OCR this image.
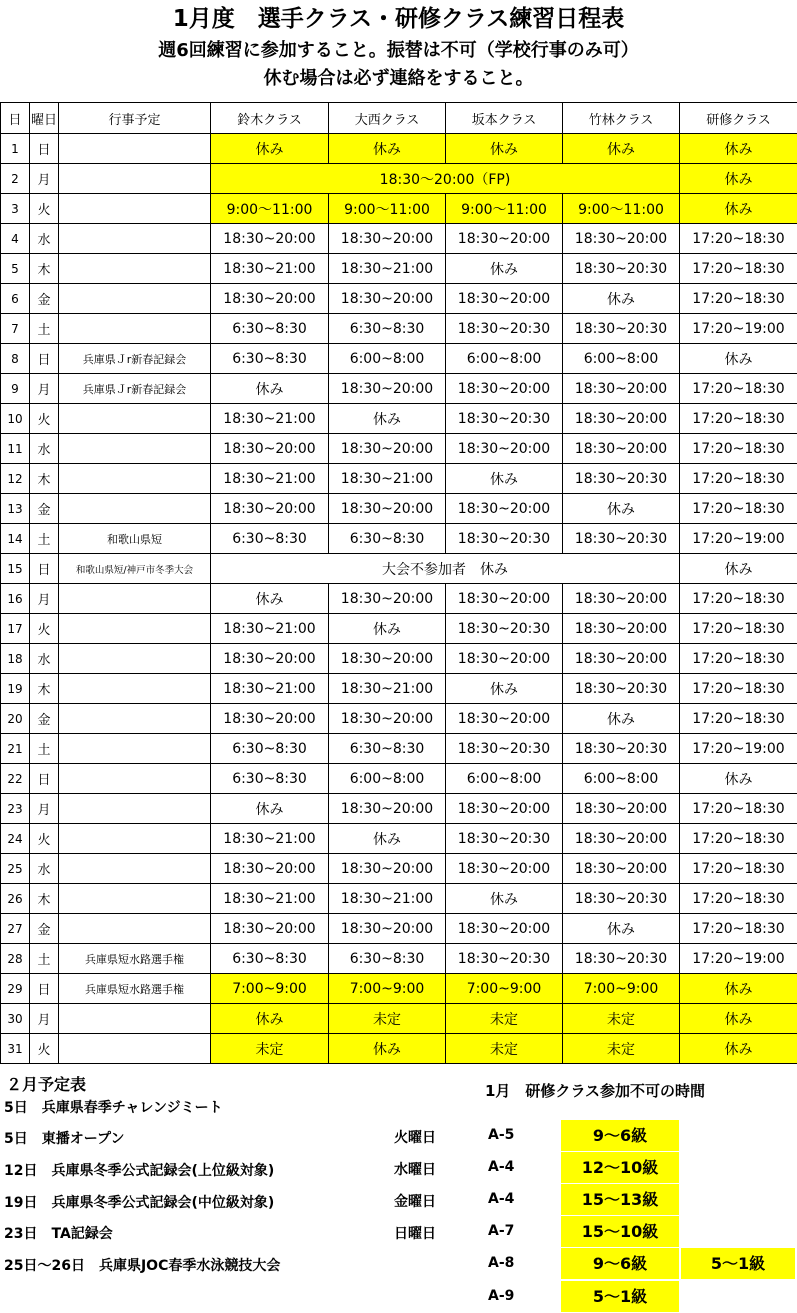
1月度　選手クラス・研修クラス練習日程表
週6回練習に参加すること。振替は不可（学校行事のみ可）
休む場合は必ず連絡をすること。
日	曜日	行事予定	鈴木クラス	大西クラス	坂本クラス	竹林クラス	研修クラス
1	日		休み	休み	休み	休み	休み
2	月		18:30～20:00（FP)				休み
3	火		9:00～11:00	9:00～11:00	9:00～11:00	9:00～11:00	休み
4	水		18:30~20:00	18:30~20:00	18:30~20:00	18:30~20:00	17:20~18:30
5	木		18:30~21:00	18:30~21:00	休み	18:30~20:30	17:20~18:30
6	金		18:30~20:00	18:30~20:00	18:30~20:00	休み	17:20~18:30
7	土		6:30~8:30	6:30~8:30	18:30~20:30	18:30~20:30	17:20~19:00
8	日	兵庫県Ｊr新春記録会	6:30~8:30	6:00~8:00	6:00~8:00	6:00~8:00	休み
9	月	兵庫県Ｊr新春記録会	休み	18:30~20:00	18:30~20:00	18:30~20:00	17:20~18:30
10	火		18:30~21:00	休み	18:30~20:30	18:30~20:00	17:20~18:30
11	水		18:30~20:00	18:30~20:00	18:30~20:00	18:30~20:00	17:20~18:30
12	木		18:30~21:00	18:30~21:00	休み	18:30~20:30	17:20~18:30
13	金		18:30~20:00	18:30~20:00	18:30~20:00	休み	17:20~18:30
14	土	和歌山県短	6:30~8:30	6:30~8:30	18:30~20:30	18:30~20:30	17:20~19:00
15	日	和歌山県短/神戸市冬季大会	大会不参加者　休み				休み
16	月		休み	18:30~20:00	18:30~20:00	18:30~20:00	17:20~18:30
17	火		18:30~21:00	休み	18:30~20:30	18:30~20:00	17:20~18:30
18	水		18:30~20:00	18:30~20:00	18:30~20:00	18:30~20:00	17:20~18:30
19	木		18:30~21:00	18:30~21:00	休み	18:30~20:30	17:20~18:30
20	金		18:30~20:00	18:30~20:00	18:30~20:00	休み	17:20~18:30
21	土		6:30~8:30	6:30~8:30	18:30~20:30	18:30~20:30	17:20~19:00
22	日		6:30~8:30	6:00~8:00	6:00~8:00	6:00~8:00	休み
23	月		休み	18:30~20:00	18:30~20:00	18:30~20:00	17:20~18:30
24	火		18:30~21:00	休み	18:30~20:30	18:30~20:00	17:20~18:30
25	水		18:30~20:00	18:30~20:00	18:30~20:00	18:30~20:00	17:20~18:30
26	木		18:30~21:00	18:30~21:00	休み	18:30~20:30	17:20~18:30
27	金		18:30~20:00	18:30~20:00	18:30~20:00	休み	17:20~18:30
28	土	兵庫県短水路選手権	6:30~8:30	6:30~8:30	18:30~20:30	18:30~20:30	17:20~19:00
29	日	兵庫県短水路選手権	7:00~9:00	7:00~9:00	7:00~9:00	7:00~9:00	休み
30	月		休み	未定	未定	未定	休み
31	火		未定	休み	未定	未定	休み
２月予定表
5日　兵庫県春季チャレンジミート
5日　東播オープン
12日　兵庫県冬季公式記録会(上位級対象)
19日　兵庫県冬季公式記録会(中位級対象)
23日　TA記録会
25日～26日　兵庫県JOC春季水泳競技大会
1月　研修クラス参加不可の時間
火曜日	A-5	9～6級
水曜日	A-4	12～10級
金曜日	A-4	15～13級
日曜日	A-7	15～10級
A-8	9～6級	5～1級
A-9	5～1級
